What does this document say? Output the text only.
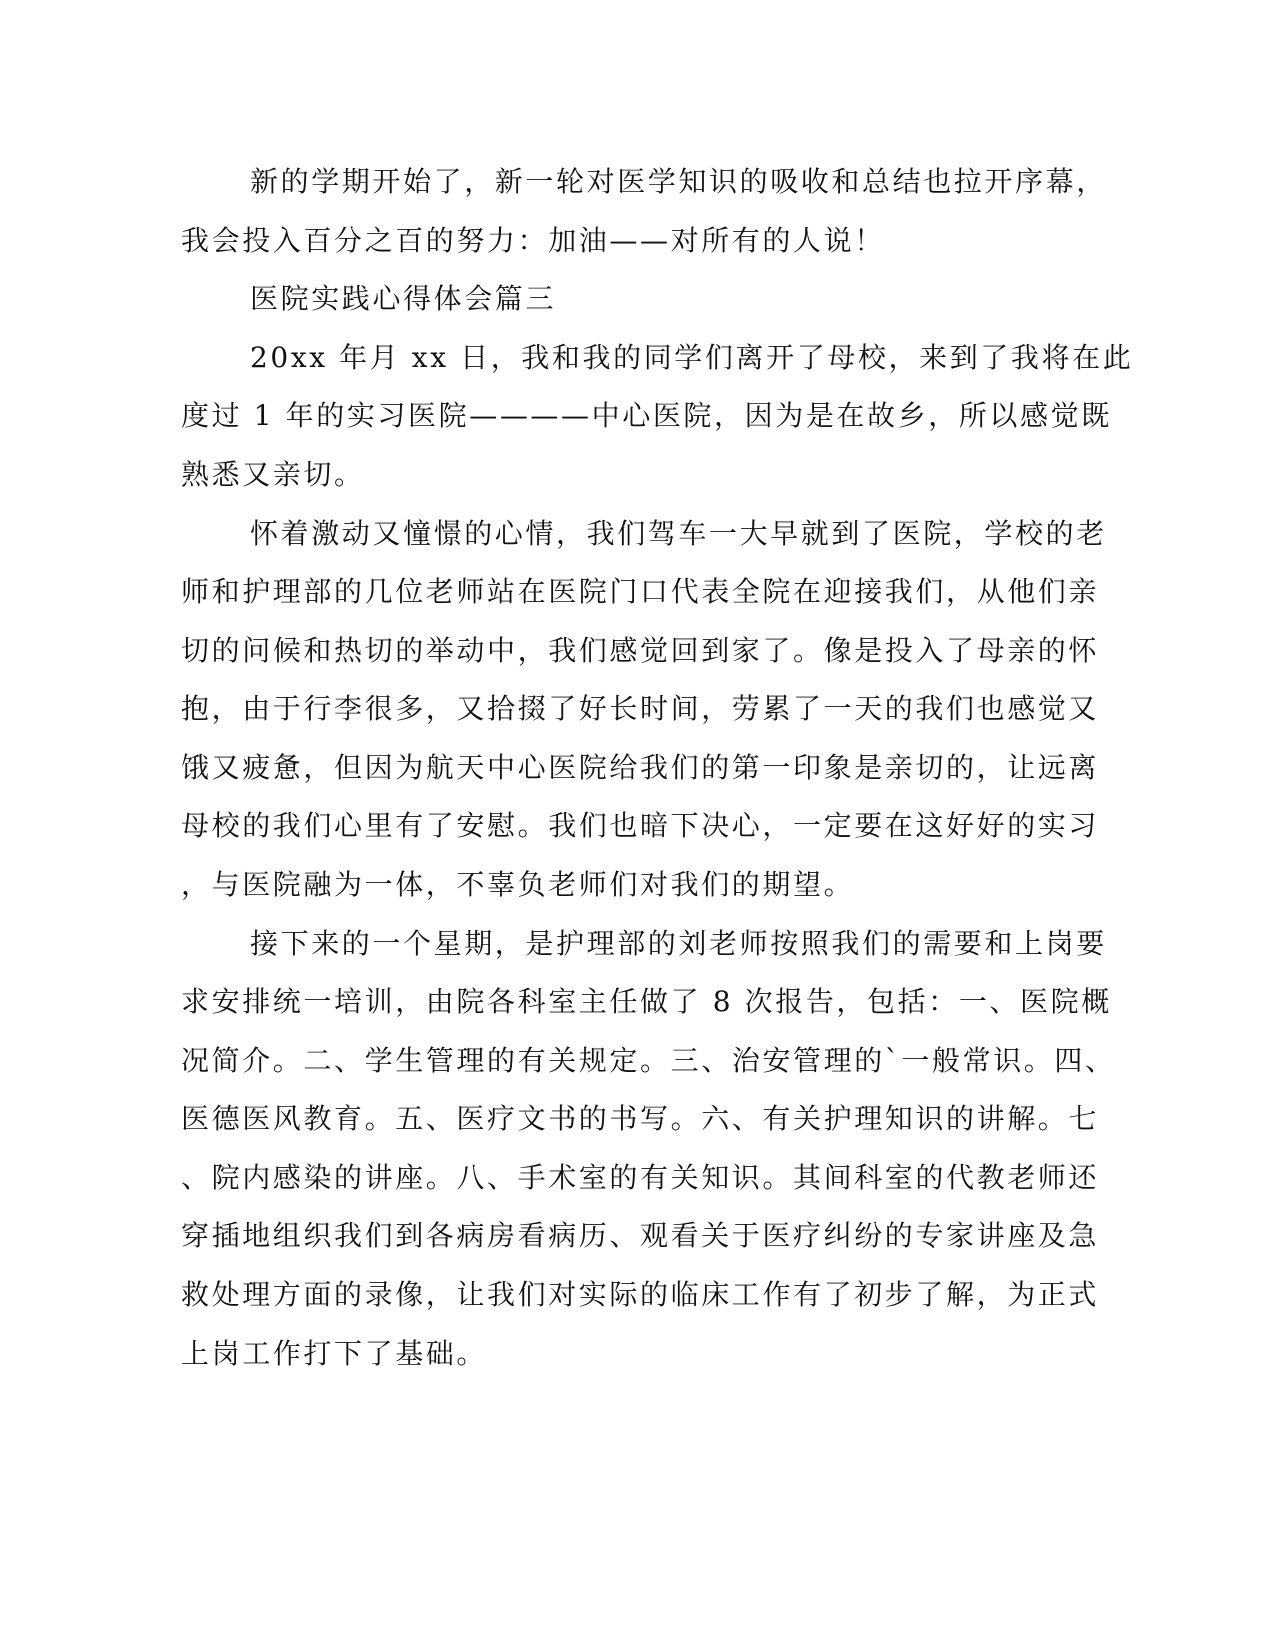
新的学期开始了，新一轮对医学知识的吸收和总结也拉开序幕，

我会投入百分之百的努力：加油——对所有的人说！

医院实践心得体会篇三

20xx 年月 xx 日，我和我的同学们离开了母校，来到了我将在此

度过 1 年的实习医院————中心医院，因为是在故乡，所以感觉既

熟悉又亲切。

怀着激动又憧憬的心情，我们驾车一大早就到了医院，学校的老

师和护理部的几位老师站在医院门口代表全院在迎接我们，从他们亲

切的问候和热切的举动中，我们感觉回到家了。像是投入了母亲的怀

抱，由于行李很多，又拾掇了好长时间，劳累了一天的我们也感觉又

饿又疲惫，但因为航天中心医院给我们的第一印象是亲切的，让远离

母校的我们心里有了安慰。我们也暗下决心，一定要在这好好的实习

，与医院融为一体，不辜负老师们对我们的期望。

接下来的一个星期，是护理部的刘老师按照我们的需要和上岗要

求安排统一培训，由院各科室主任做了 8 次报告，包括：一、医院概

况简介。二、学生管理的有关规定。三、治安管理的`一般常识。四、

医德医风教育。五、医疗文书的书写。六、有关护理知识的讲解。七

、院内感染的讲座。八、手术室的有关知识。其间科室的代教老师还

穿插地组织我们到各病房看病历、观看关于医疗纠纷的专家讲座及急

救处理方面的录像，让我们对实际的临床工作有了初步了解，为正式

上岗工作打下了基础。
